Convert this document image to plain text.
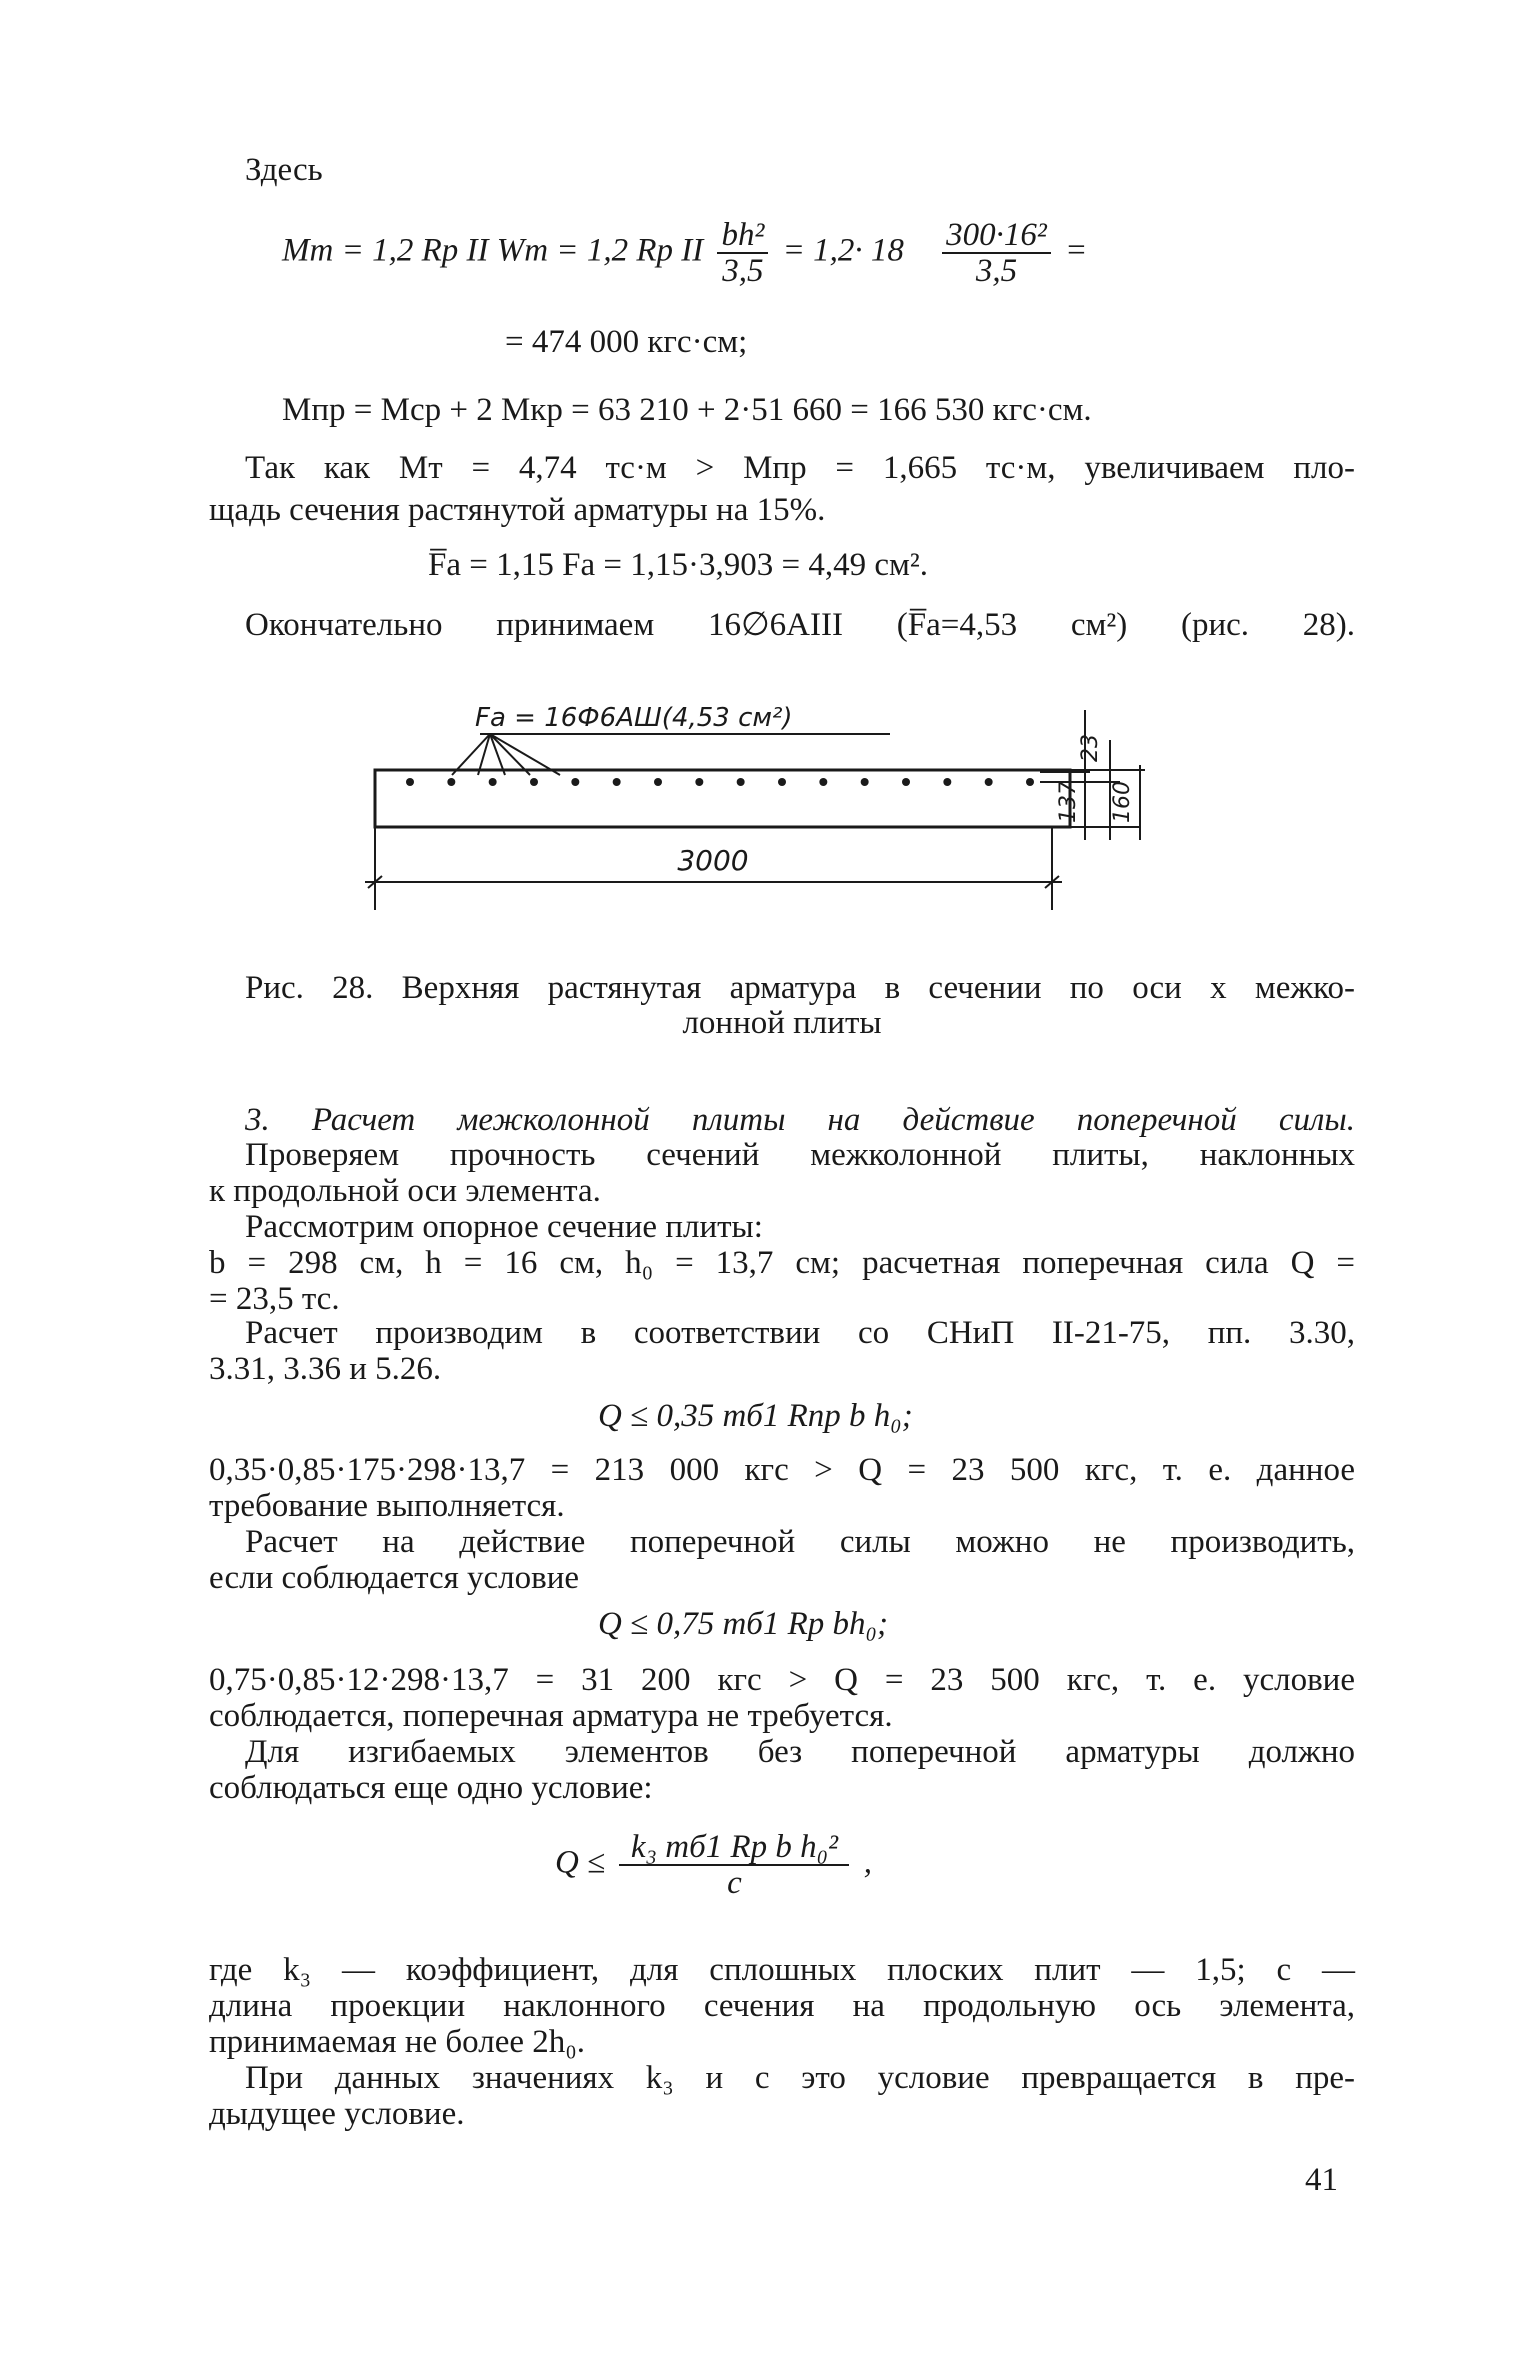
Здесь
Mт = 1,2 Rр II Wт = 1,2 Rр II $\frac{\text{bh²}}{3,5} = 1,2\cdot 18 \frac{\text{300·16²}}{3,5}$ =
= 474 000 кгс·см;
Mпр = Mср + 2 Mкр = 63 210 + 2·51 660 = 166 530 кгс·см.
Так как Mт = 4,74 тс·м > Mпр = 1,665 тс·м, увеличиваем пло-
щадь сечения растянутой арматуры на 15%.
F̅а = 1,15 Fа = 1,15·3,903 = 4,49 см².
Окончательно принимаем 16∅6AIII (F̅а=4,53 см²) (рис. 28).
Fa = 16Ф6АШ(4,53 cм²)
23
137 160
3000
Рис. 28. Верхняя растянутая арматура в сечении по оси x межко-
лонной плиты
3. Расчет межколонной плиты на действие поперечной силы.
Проверяем прочность сечений межколонной плиты, наклонных
к продольной оси элемента.
Рассмотрим опорное сечение плиты:
b = 298 см, h = 16 см, h₀ = 13,7 см; расчетная поперечная сила Q =
= 23,5 тс.
Расчет производим в соответствии со СНиП II-21-75, пп. 3.30,
3.31, 3.36 и 5.26.
Q ≤ 0,35 mб1 Rпр b h₀;
0,35·0,85·175·298·13,7 = 213 000 кгс > Q = 23 500 кгс, т. е. данное
требование выполняется.
Расчет на действие поперечной силы можно не производить,
если соблюдается условие
Q ≤ 0,75 mб1 Rр bh₀;
0,75·0,85·12·298·13,7 = 31 200 кгс > Q = 23 500 кгс, т. е. условие
соблюдается, поперечная арматура не требуется.
Для изгибаемых элементов без поперечной арматуры должно
соблюдаться еще одно условие:
$Q \le \frac{\text{k₃ mб1 Rр b h₀²}}{c}$ ,
где k₃ — коэффициент, для сплошных плоских плит — 1,5; c —
длина проекции наклонного сечения на продольную ось элемента,
принимаемая не более 2h₀.
При данных значениях k₃ и c это условие превращается в пре-
дыдущее условие.
41
